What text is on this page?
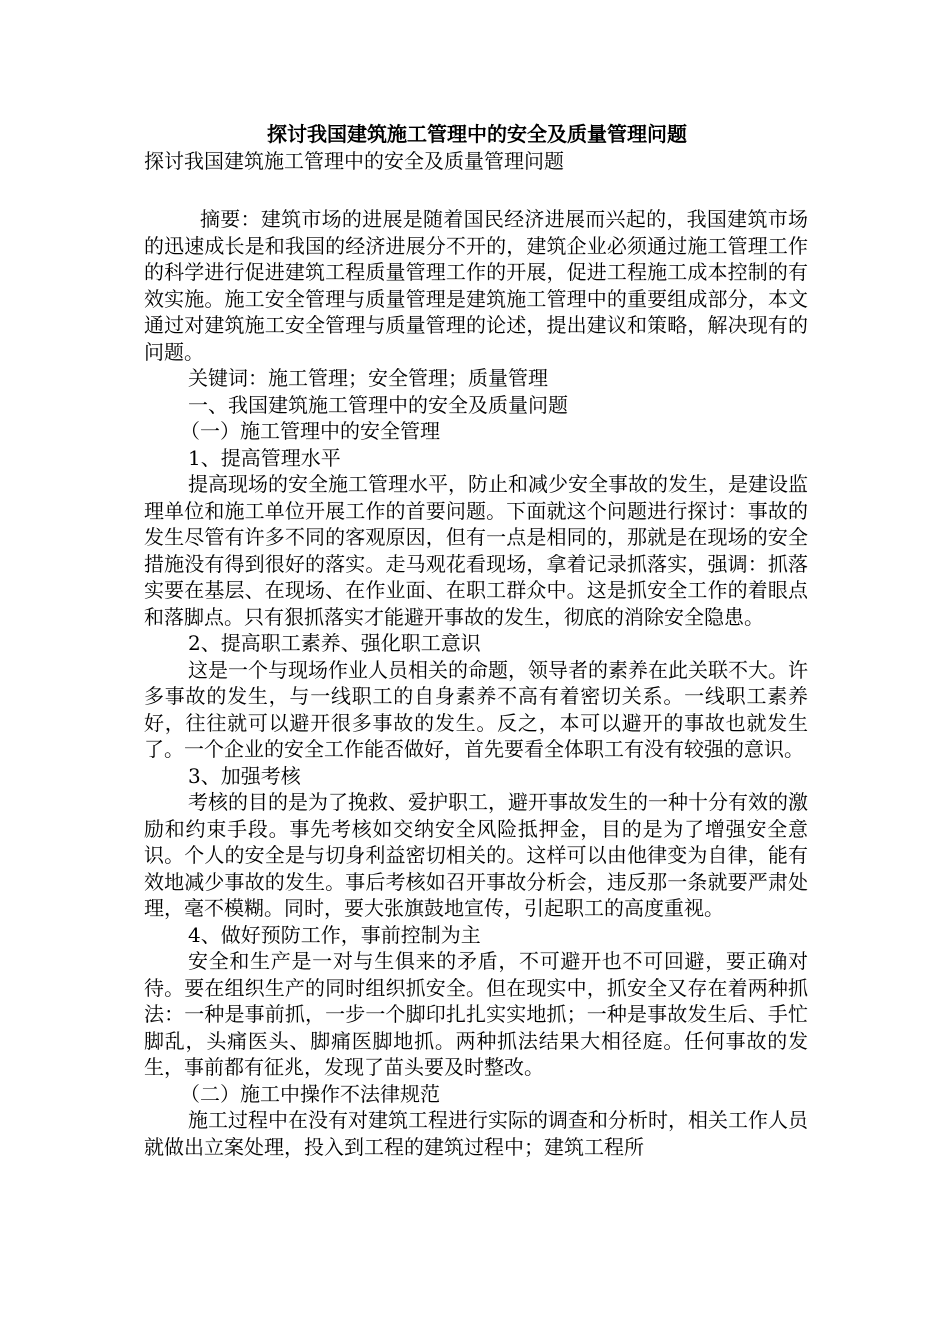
探讨我国建筑施工管理中的安全及质量管理问题

探讨我国建筑施工管理中的安全及质量管理问题

摘要：建筑市场的进展是随着国民经济进展而兴起的，我国建筑市场的迅速成长是和我国的经济进展分不开的，建筑企业必须通过施工管理工作的科学进行促进建筑工程质量管理工作的开展，促进工程施工成本控制的有效实施。施工安全管理与质量管理是建筑施工管理中的重要组成部分，本文通过对建筑施工安全管理与质量管理的论述，提出建议和策略，解决现有的问题。

关键词：施工管理；安全管理；质量管理

一、我国建筑施工管理中的安全及质量问题

（一）施工管理中的安全管理

1、提高管理水平

提高现场的安全施工管理水平，防止和减少安全事故的发生，是建设监理单位和施工单位开展工作的首要问题。下面就这个问题进行探讨：事故的发生尽管有许多不同的客观原因，但有一点是相同的，那就是在现场的安全措施没有得到很好的落实。走马观花看现场，拿着记录抓落实，强调：抓落实要在基层、在现场、在作业面、在职工群众中。这是抓安全工作的着眼点和落脚点。只有狠抓落实才能避开事故的发生，彻底的消除安全隐患。

2、提高职工素养、强化职工意识

这是一个与现场作业人员相关的命题，领导者的素养在此关联不大。许多事故的发生，与一线职工的自身素养不高有着密切关系。一线职工素养好，往往就可以避开很多事故的发生。反之，本可以避开的事故也就发生了。一个企业的安全工作能否做好，首先要看全体职工有没有较强的意识。

3、加强考核

考核的目的是为了挽救、爱护职工，避开事故发生的一种十分有效的激励和约束手段。事先考核如交纳安全风险抵押金，目的是为了增强安全意识。个人的安全是与切身利益密切相关的。这样可以由他律变为自律，能有效地减少事故的发生。事后考核如召开事故分析会，违反那一条就要严肃处理，毫不模糊。同时，要大张旗鼓地宣传，引起职工的高度重视。

4、做好预防工作，事前控制为主

安全和生产是一对与生俱来的矛盾，不可避开也不可回避，要正确对待。要在组织生产的同时组织抓安全。但在现实中，抓安全又存在着两种抓法：一种是事前抓，一步一个脚印扎扎实实地抓；一种是事故发生后、手忙脚乱，头痛医头、脚痛医脚地抓。两种抓法结果大相径庭。任何事故的发生，事前都有征兆，发现了苗头要及时整改。

（二）施工中操作不法律规范

施工过程中在没有对建筑工程进行实际的调查和分析时，相关工作人员就做出立案处理，投入到工程的建筑过程中；建筑工程所
